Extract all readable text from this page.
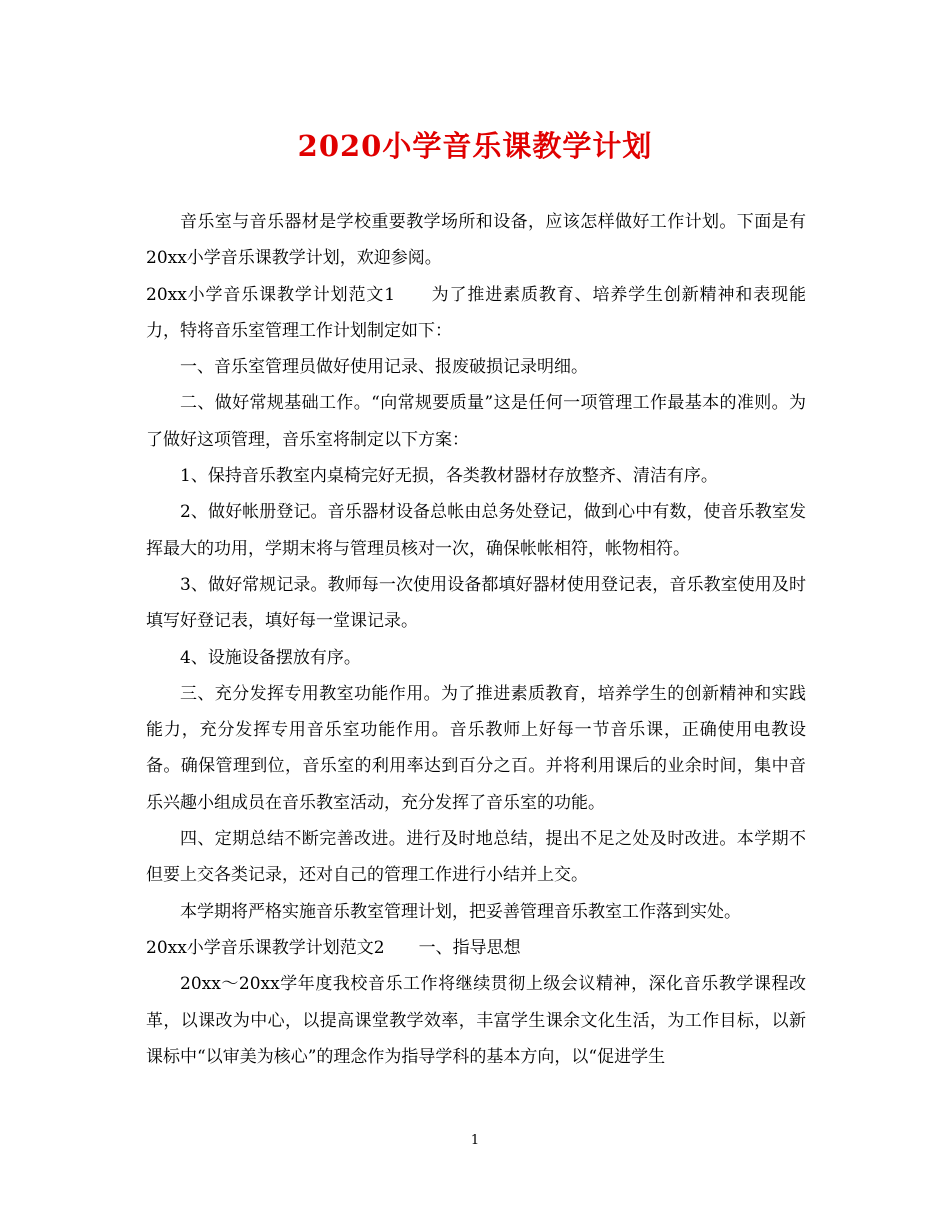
2020小学音乐课教学计划

音乐室与音乐器材是学校重要教学场所和设备，应该怎样做好工作计划。下面是有20xx小学音乐课教学计划，欢迎参阅。

20xx小学音乐课教学计划范文1　　为了推进素质教育、培养学生创新精神和表现能力，特将音乐室管理工作计划制定如下：

一、音乐室管理员做好使用记录、报废破损记录明细。

二、做好常规基础工作。“向常规要质量”这是任何一项管理工作最基本的准则。为了做好这项管理，音乐室将制定以下方案：

1、保持音乐教室内桌椅完好无损，各类教材器材存放整齐、清洁有序。

2、做好帐册登记。音乐器材设备总帐由总务处登记，做到心中有数，使音乐教室发挥最大的功用，学期末将与管理员核对一次，确保帐帐相符，帐物相符。

3、做好常规记录。教师每一次使用设备都填好器材使用登记表，音乐教室使用及时填写好登记表，填好每一堂课记录。

4、设施设备摆放有序。

三、充分发挥专用教室功能作用。为了推进素质教育，培养学生的创新精神和实践能力，充分发挥专用音乐室功能作用。音乐教师上好每一节音乐课，正确使用电教设备。确保管理到位，音乐室的利用率达到百分之百。并将利用课后的业余时间，集中音乐兴趣小组成员在音乐教室活动，充分发挥了音乐室的功能。

四、定期总结不断完善改进。进行及时地总结，提出不足之处及时改进。本学期不但要上交各类记录，还对自己的管理工作进行小结并上交。

本学期将严格实施音乐教室管理计划，把妥善管理音乐教室工作落到实处。

20xx小学音乐课教学计划范文2　　一、指导思想

20xx～20xx学年度我校音乐工作将继续贯彻上级会议精神，深化音乐教学课程改革，以课改为中心，以提高课堂教学效率，丰富学生课余文化生活，为工作目标，以新课标中“以审美为核心”的理念作为指导学科的基本方向，以“促进学生

1
